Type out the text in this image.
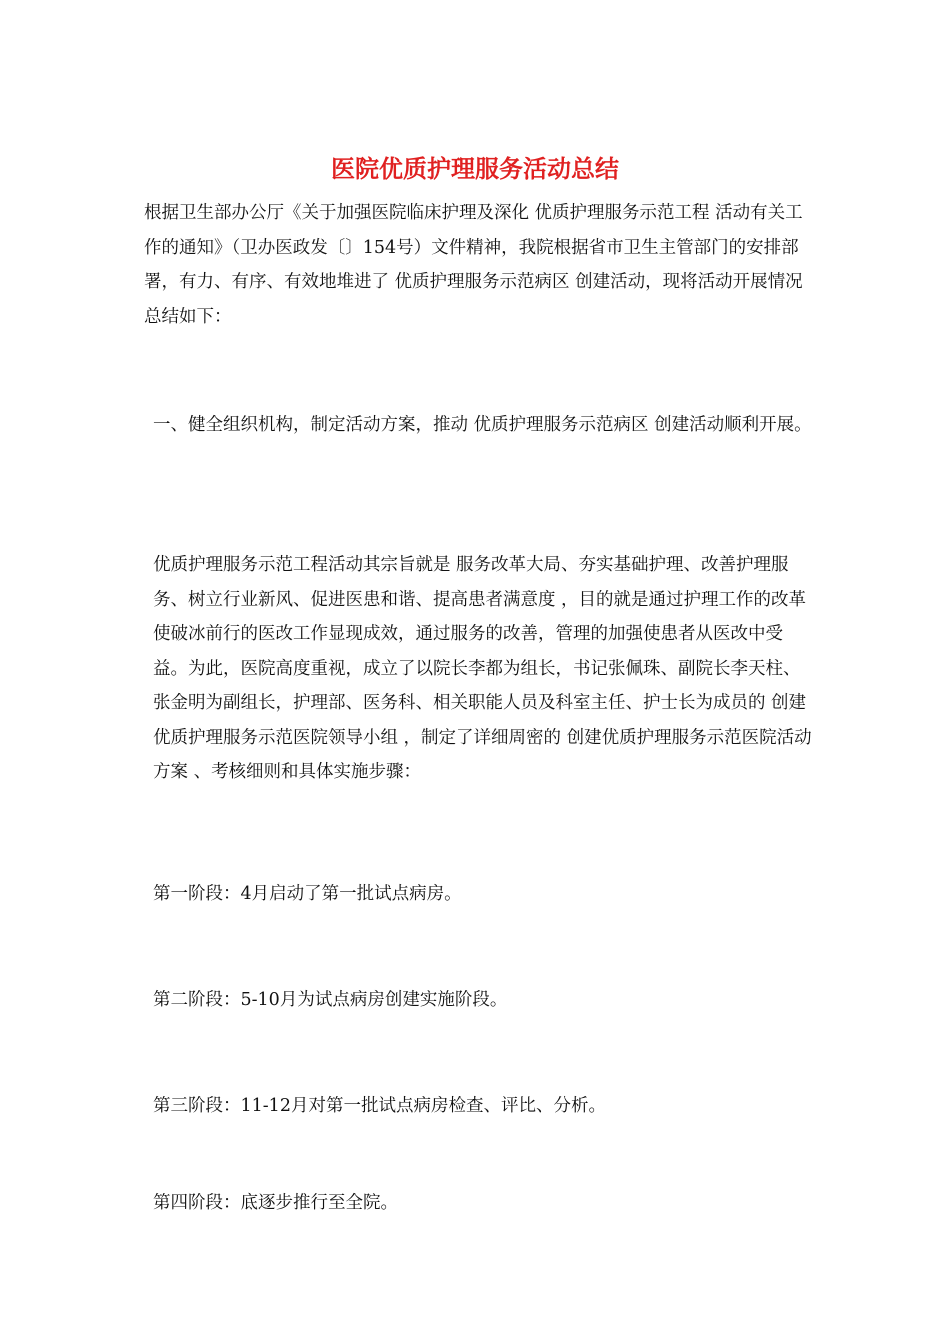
医院优质护理服务活动总结

根据卫生部办公厅《关于加强医院临床护理及深化 优质护理服务示范工程 活动有关工作的通知》（卫办医政发〔〕154号）文件精神，我院根据省市卫生主管部门的安排部署，有力、有序、有效地堆进了 优质护理服务示范病区 创建活动，现将活动开展情况总结如下：

一、健全组织机构，制定活动方案，推动 优质护理服务示范病区 创建活动顺利开展。

优质护理服务示范工程活动其宗旨就是 服务改革大局、夯实基础护理、改善护理服务、树立行业新风、促进医患和谐、提高患者满意度 ，目的就是通过护理工作的改革使破冰前行的医改工作显现成效，通过服务的改善，管理的加强使患者从医改中受益。为此，医院高度重视，成立了以院长李都为组长，书记张佩珠、副院长李天柱、张金明为副组长，护理部、医务科、相关职能人员及科室主任、护士长为成员的 创建优质护理服务示范医院领导小组 ，制定了详细周密的 创建优质护理服务示范医院活动方案 、考核细则和具体实施步骤：

第一阶段：4月启动了第一批试点病房。

第二阶段：5-10月为试点病房创建实施阶段。

第三阶段：11-12月对第一批试点病房检查、评比、分析。

第四阶段：底逐步推行至全院。
